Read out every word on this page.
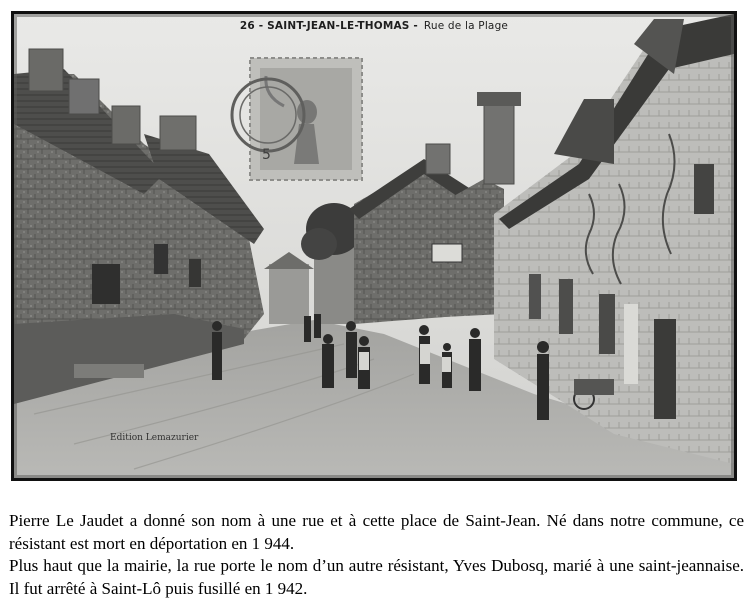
5
26 - SAINT-JEAN-LE-THOMAS - Rue de la Plage
Edition Lemazurier

Pierre Le Jaudet a donné son nom à une rue et à cette place de Saint-Jean. Né dans notre commune, ce résistant est mort en déportation en 1 944.

Plus haut que la mairie, la rue porte le nom d’un autre résistant, Yves Dubosq, marié à une saint-jeannaise. Il fut arrêté à Saint-Lô puis fusillé en 1 942.
